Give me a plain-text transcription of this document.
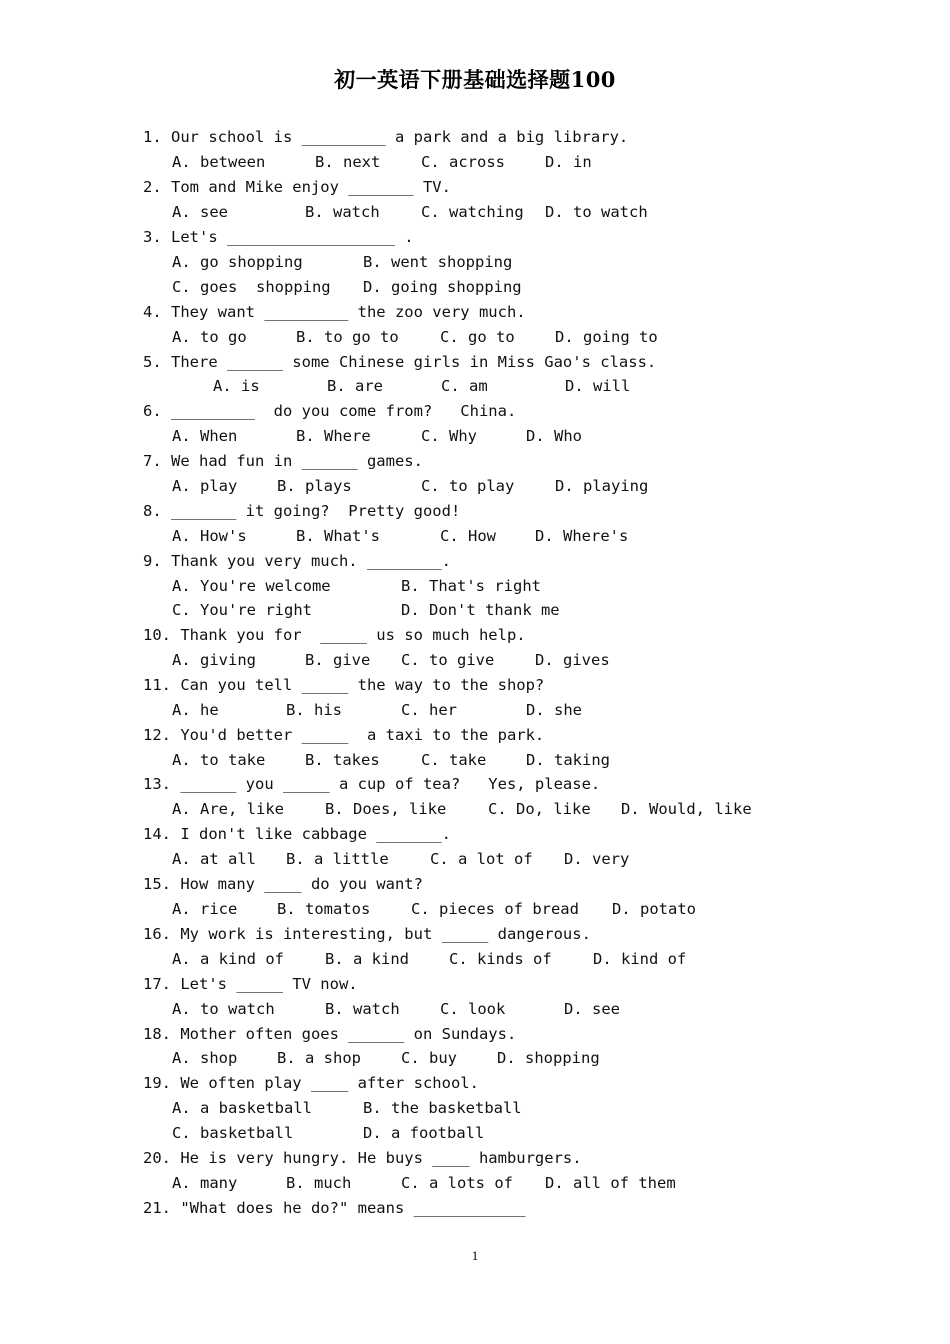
初一英语下册基础选择题100
1. Our school is _________ a park and a big library.
A. between	B. next	C. across	D. in
2. Tom and Mike enjoy _______ TV.
A. see	B. watch	C. watching D. to watch
3. Let's __________________ .
A. go shopping	B. went shopping
C. goes  shopping D. going shopping
4. They want _________ the zoo very much.
A. to go	B. to go to	C. go to	D. going to
5. There ______ some Chinese girls in Miss Gao's class.
A. is	B. are	C. am	D. will
6. _________  do you come from?   China.
A. When	B. Where	C. Why	D. Who
7. We had fun in ______ games.
A. play	B. plays	C. to play	D. playing
8. _______ it going?  Pretty good!
A. How's	B. What's	C. How	D. Where's
9. Thank you very much. ________.
A. You're welcome	B. That's right
C. You're right	D. Don't thank me
10. Thank you for  _____ us so much help.
A. giving	B. give C. to give	D. gives
11. Can you tell _____ the way to the shop?
A. he	B. his	C. her	D. she
12. You'd better _____  a taxi to the park.
A. to take	B. takes	C. take	D. taking
13. ______ you _____ a cup of tea?   Yes, please.
A. Are, like	B. Does, like	C. Do, like D. Would, like
14. I don't like cabbage _______.
A. at all B. a little	C. a lot of D. very
15. How many ____ do you want?
A. rice	B. tomatos	C. pieces of bread D. potato
16. My work is interesting, but _____ dangerous.
A. a kind of	B. a kind	C. kinds of	D. kind of
17. Let's _____ TV now.
A. to watch	B. watch	C. look	D. see
18. Mother often goes ______ on Sundays.
A. shop	B. a shop	C. buy	D. shopping
19. We often play ____ after school.
A. a basketball	B. the basketball
C. basketball	D. a football
20. He is very hungry. He buys ____ hamburgers.
A. many	B. much	C. a lots of D. all of them
21. "What does he do?" means ____________
1
